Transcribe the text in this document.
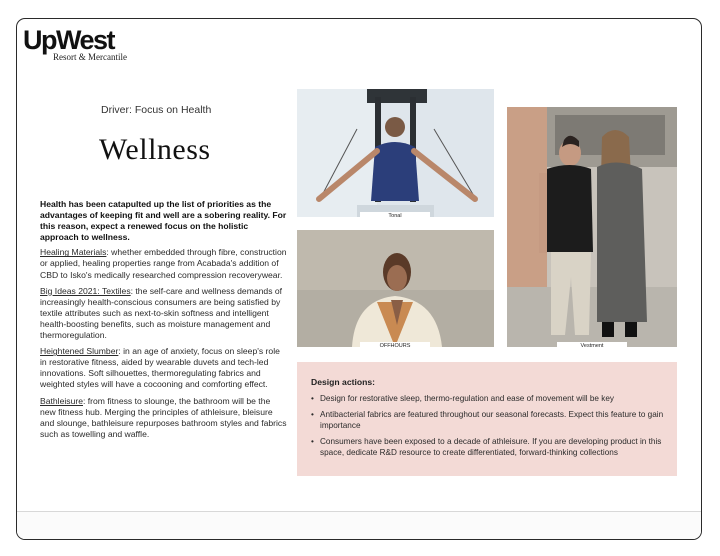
UpWest
Resort & Mercantile
Driver: Focus on Health
Wellness

Health has been catapulted up the list of priorities as the advantages of keeping fit and well are a sobering reality. For this reason, expect a renewed focus on the holistic approach to wellness.

Healing Materials: whether embedded through fibre, construction or applied, healing properties range from Acabada's addition of CBD to Isko's medically researched compression recoverywear.

Big Ideas 2021: Textiles: the self-care and wellness demands of increasingly health-conscious consumers are being satisfied by textile attributes such as next-to-skin softness and intelligent health-boosting benefits, such as moisture management and thermoregulation.

Heightened Slumber: in an age of anxiety, focus on sleep's role in restorative fitness, aided by wearable duvets and tech-led innovations. Soft silhouettes, thermoregulating fabrics and weighted styles will have a cocooning and comforting effect.

Bathleisure: from fitness to slounge, the bathroom will be the new fitness hub. Merging the principles of athleisure, bleisure and slounge, bathleisure repurposes bathroom styles and fabrics such as towelling and waffle.

Tonal
OFFHOURS	Vestment
Design actions:
• Design for restorative sleep, thermo-regulation and ease of movement will be key
• Antibacterial fabrics are featured throughout our seasonal forecasts. Expect this feature to gain importance
• Consumers have been exposed to a decade of athleisure. If you are developing product in this space, dedicate R&D resource to create differentiated, forward-thinking collections
